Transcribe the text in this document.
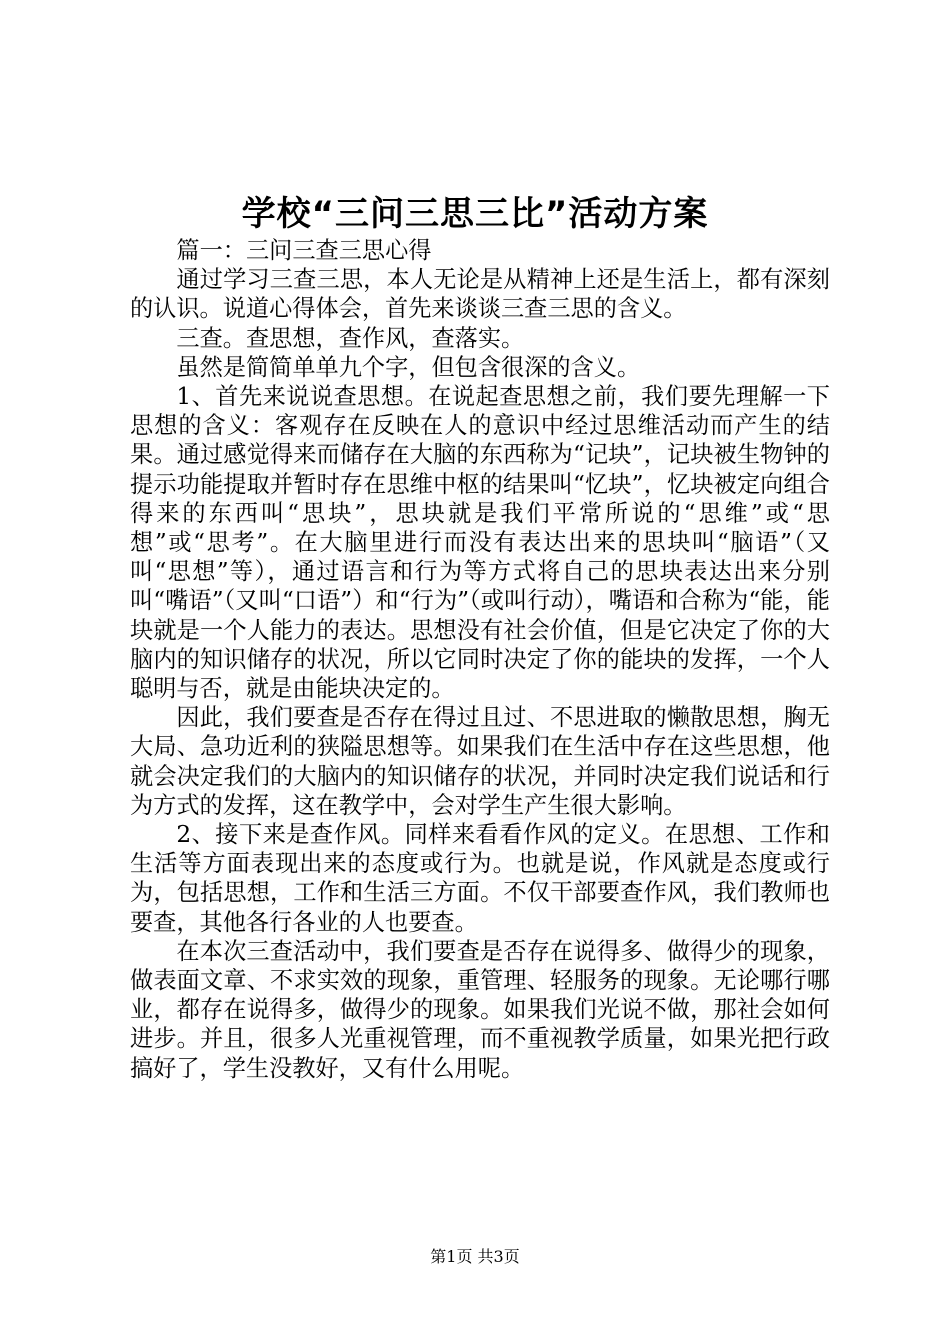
学校“三问三思三比”活动方案

篇一：三问三查三思心得

通过学习三查三思，本人无论是从精神上还是生活上，都有深刻的认识。说道心得体会，首先来谈谈三查三思的含义。

三查。查思想，查作风，查落实。

虽然是简简单单九个字，但包含很深的含义。

1、首先来说说查思想。在说起查思想之前，我们要先理解一下思想的含义：客观存在反映在人的意识中经过思维活动而产生的结果。通过感觉得来而储存在大脑的东西称为“记块”，记块被生物钟的提示功能提取并暂时存在思维中枢的结果叫“忆块”，忆块被定向组合得来的东西叫“思块”，思块就是我们平常所说的“思维”或“思想”或“思考”。在大脑里进行而没有表达出来的思块叫“脑语”（又叫“思想”等），通过语言和行为等方式将自己的思块表达出来分别叫“嘴语”（又叫“口语”）和“行为”（或叫行动），嘴语和合称为“能，能块就是一个人能力的表达。思想没有社会价值，但是它决定了你的大脑内的知识储存的状况，所以它同时决定了你的能块的发挥，一个人聪明与否，就是由能块决定的。

因此，我们要查是否存在得过且过、不思进取的懒散思想，胸无大局、急功近利的狭隘思想等。如果我们在生活中存在这些思想，他就会决定我们的大脑内的知识储存的状况，并同时决定我们说话和行为方式的发挥，这在教学中，会对学生产生很大影响。

2、接下来是查作风。同样来看看作风的定义。在思想、工作和生活等方面表现出来的态度或行为。也就是说，作风就是态度或行为，包括思想，工作和生活三方面。不仅干部要查作风，我们教师也要查，其他各行各业的人也要查。

在本次三查活动中，我们要查是否存在说得多、做得少的现象，做表面文章、不求实效的现象，重管理、轻服务的现象。无论哪行哪业，都存在说得多，做得少的现象。如果我们光说不做，那社会如何进步。并且，很多人光重视管理，而不重视教学质量，如果光把行政搞好了，学生没教好，又有什么用呢。

第1页 共3页
